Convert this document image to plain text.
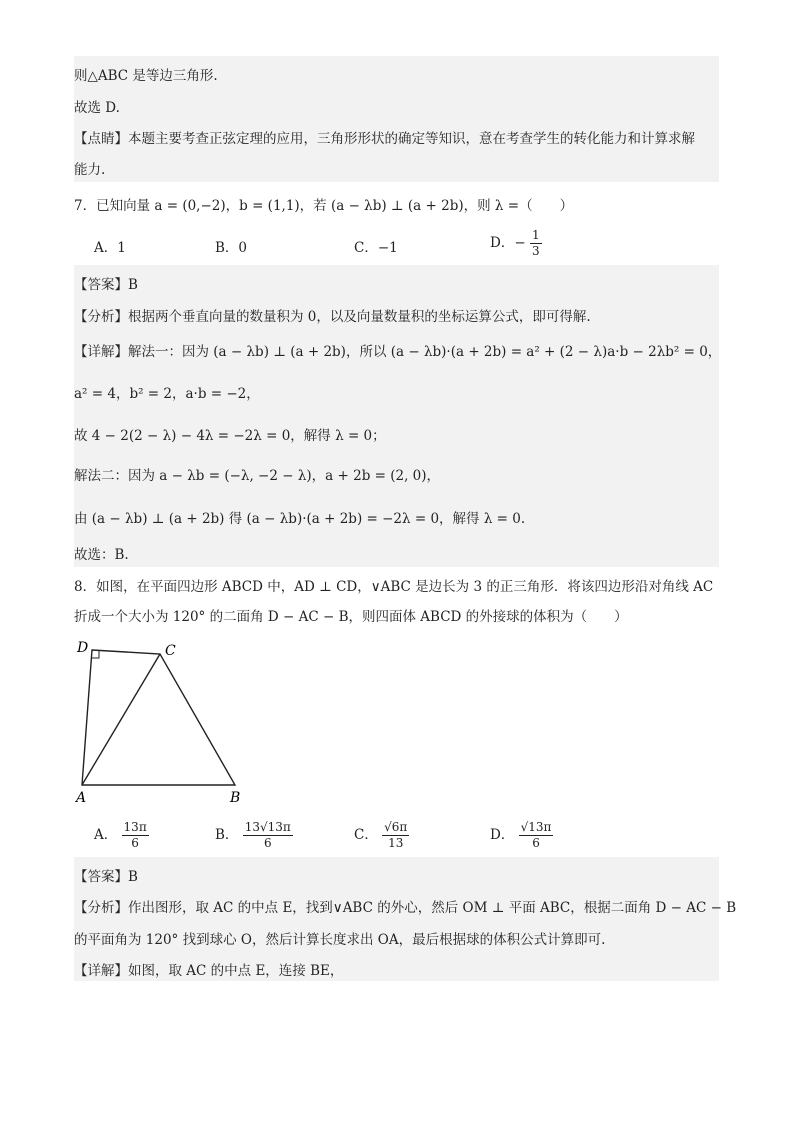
则△ABC 是等边三角形.
故选 D.
【点睛】本题主要考查正弦定理的应用，三角形形状的确定等知识，意在考查学生的转化能力和计算求解
能力.
7．已知向量 a = (0,−2)，b = (1,1)，若 (a − λb) ⊥ (a + 2b)，则 λ =（　　）
A．1	B．0	C．−1	D．− $\frac{1}{3}$
【答案】B
【分析】根据两个垂直向量的数量积为 0，以及向量数量积的坐标运算公式，即可得解.
【详解】解法一：因为 (a − λb) ⊥ (a + 2b)，所以 (a − λb)·(a + 2b) = a² + (2 − λ)a·b − 2λb² = 0，
a² = 4，b² = 2，a·b = −2，
故 4 − 2(2 − λ) − 4λ = −2λ = 0，解得 λ = 0；
解法二：因为 a − λb = (−λ, −2 − λ)，a + 2b = (2, 0)，
由 (a − λb) ⊥ (a + 2b) 得 (a − λb)·(a + 2b) = −2λ = 0，解得 λ = 0.
故选：B.
8．如图，在平面四边形 ABCD 中，AD ⊥ CD，∨ABC 是边长为 3 的正三角形．将该四边形沿对角线 AC
折成一个大小为 120° 的二面角 D − AC − B，则四面体 ABCD 的外接球的体积为（　　）
D	C
A	B
A． $\frac{13\pi}{6}$	B． $\frac{13√13\pi}{6}$	C． $\frac{√6\pi}{13}$	D． $\frac{√13\pi}{6}$
【答案】B
【分析】作出图形，取 AC 的中点 E，找到∨ABC 的外心，然后 OM ⊥ 平面 ABC，根据二面角 D − AC − B
的平面角为 120° 找到球心 O，然后计算长度求出 OA，最后根据球的体积公式计算即可.
【详解】如图，取 AC 的中点 E，连接 BE，
